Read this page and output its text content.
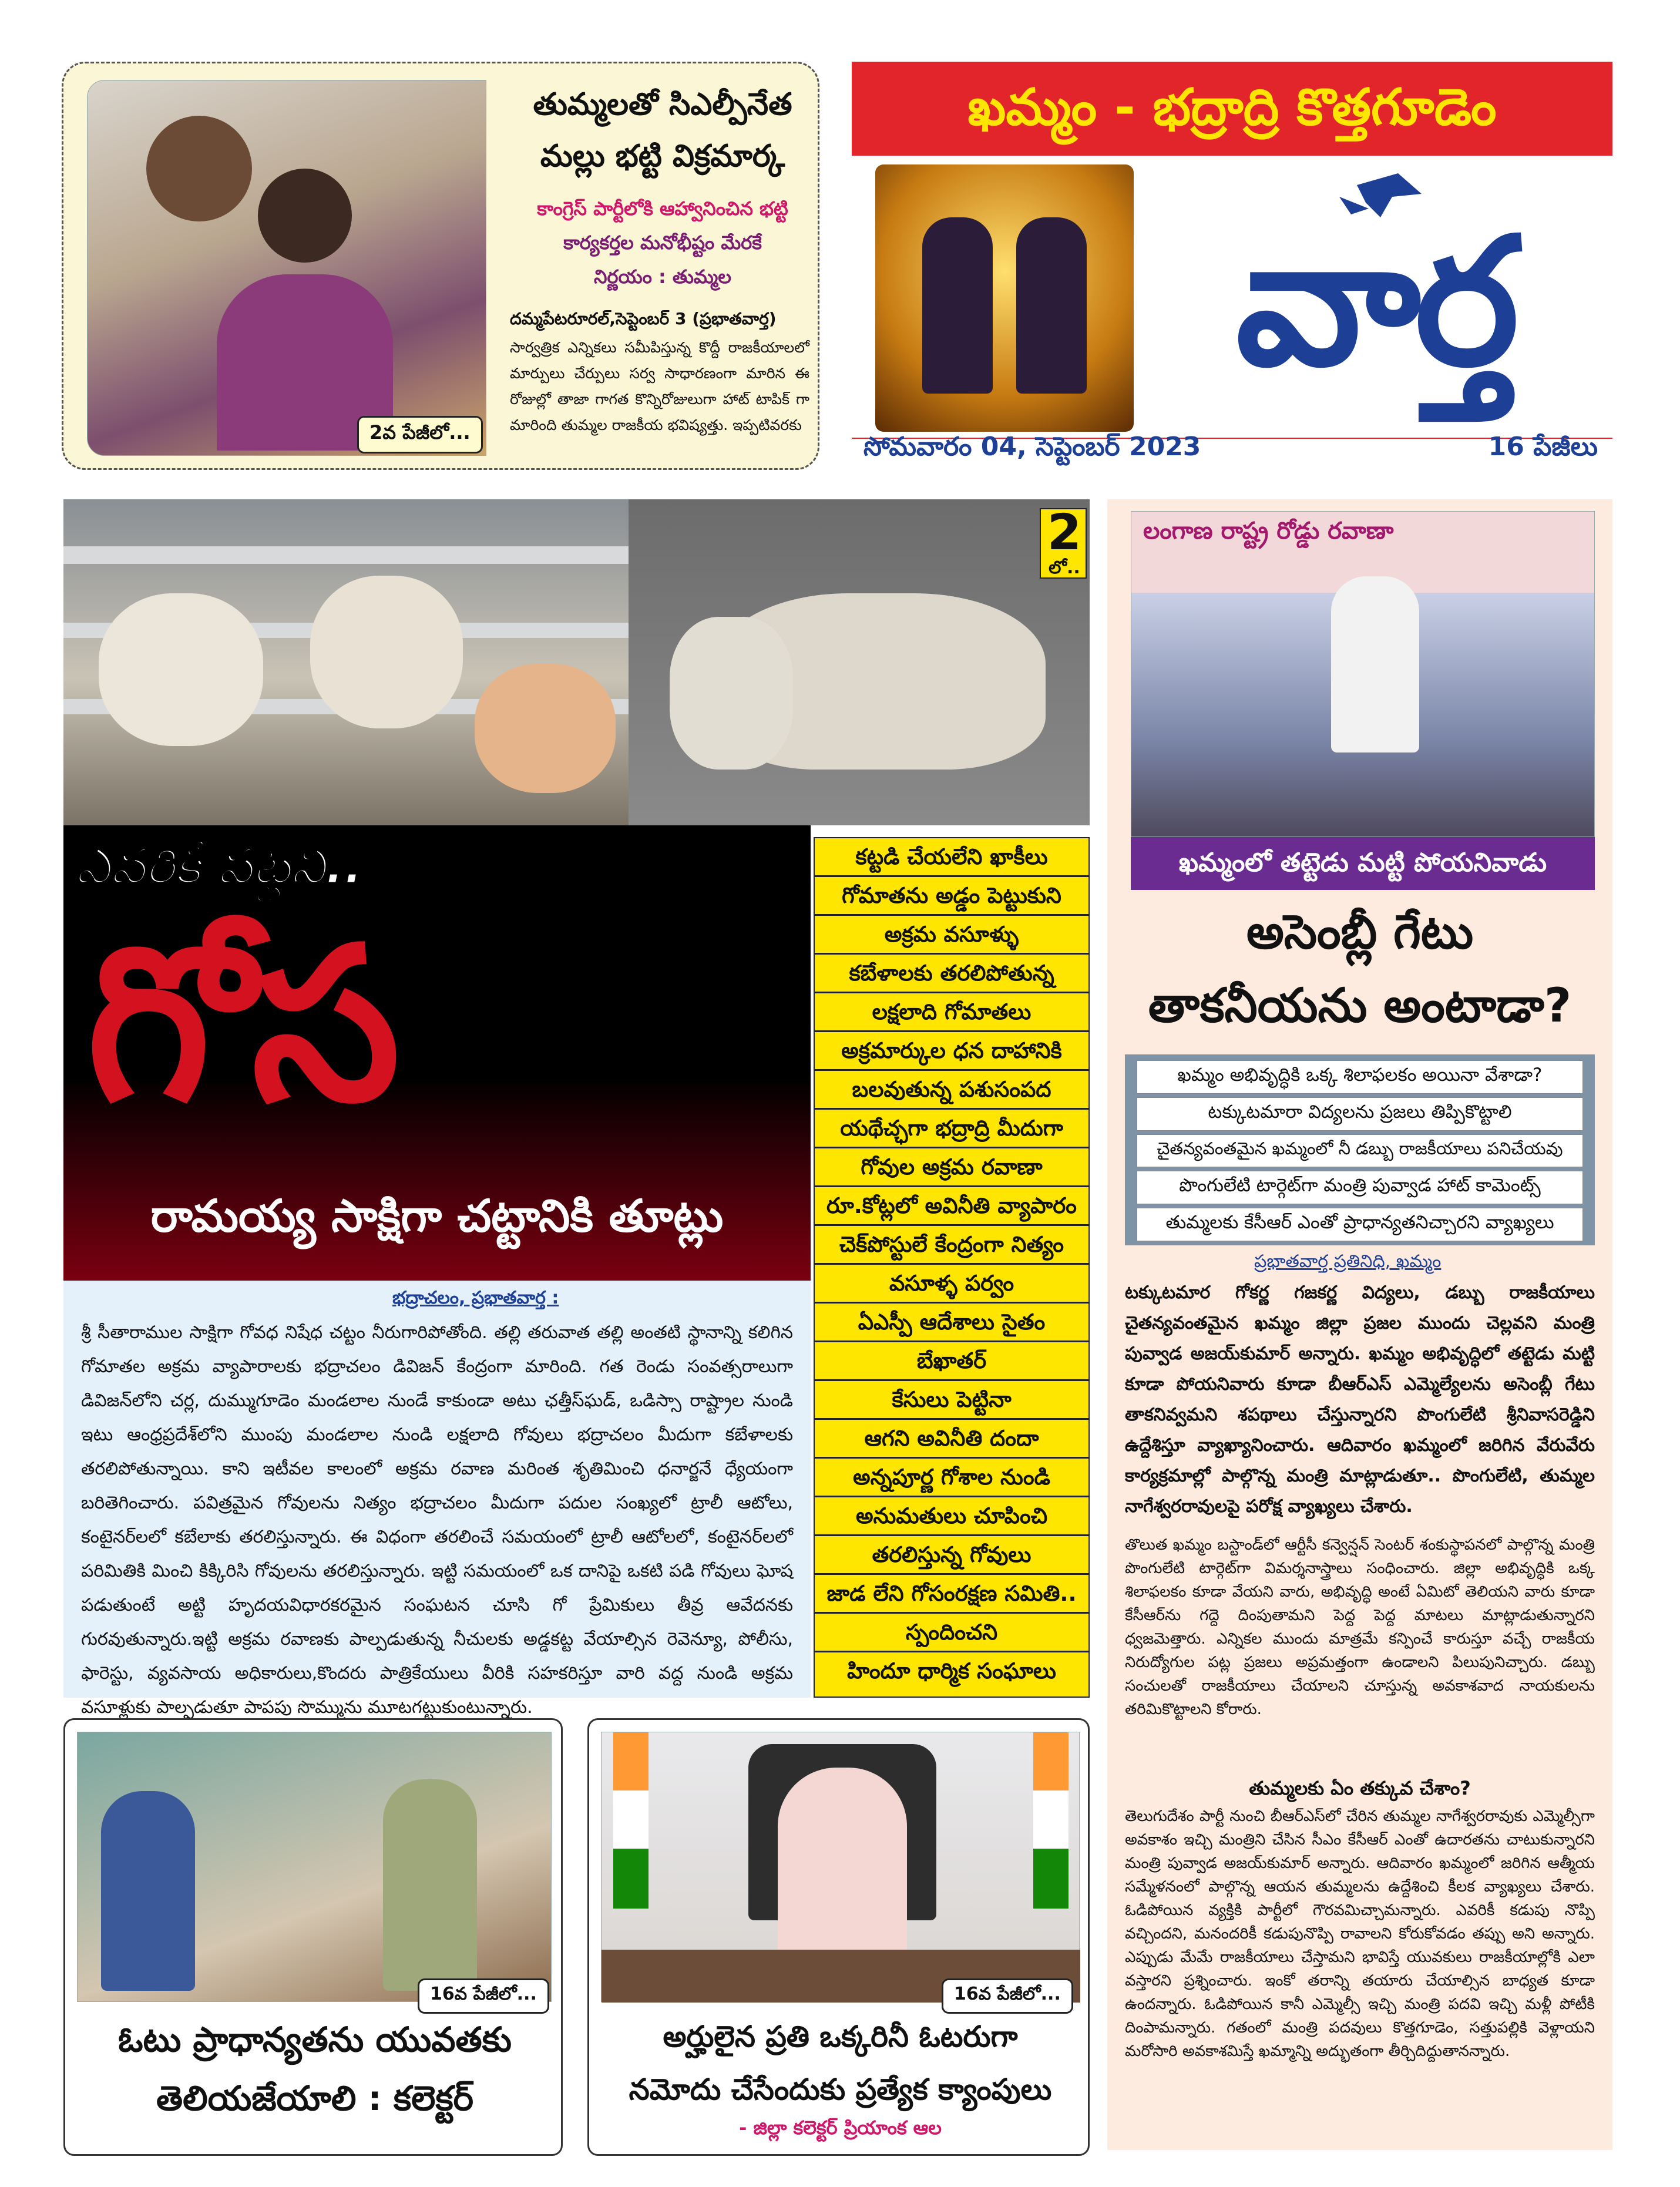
2వ పేజీలో...
తుమ్మలతో సిఎల్పీనేత
మల్లు భట్టి విక్రమార్క
కాంగ్రెస్ పార్టీలోకి ఆహ్వానించిన భట్టి
కార్యకర్తల మనోభీష్టం మేరకే
నిర్ణయం : తుమ్మల
దమ్మపేటరూరల్,సెప్టెంబర్ 3 (ప్రభాతవార్త)
సార్వత్రిక ఎన్నికలు సమీపిస్తున్న కొద్దీ రాజకీయాలలో మార్పులు చేర్పులు సర్వ సాధారణంగా మారిన ఈ రోజుల్లో తాజా గాగత కొన్నిరోజులుగా హాట్ టాపిక్ గా మారింది తుమ్మల రాజకీయ భవిష్యత్తు. ఇప్పటివరకు
ఖమ్మం - భద్రాద్రి కొత్తగూడెం
వార్త
సోమవారం 04, సెప్టెంబర్ 2023	16 పేజీలు
2
లో..
ఎవరికీ పట్టని..
గోస
రామయ్య సాక్షిగా చట్టానికి తూట్లు
కట్టడి చేయలేని ఖాకీలు
గోమాతను అడ్డం పెట్టుకుని
అక్రమ వసూళ్ళు
కబేళాలకు తరలిపోతున్న
లక్షలాది గోమాతలు
అక్రమార్కుల ధన దాహానికి
బలవుతున్న పశుసంపద
యథేచ్ఛగా భద్రాద్రి మీదుగా
గోవుల అక్రమ రవాణా
రూ.కోట్లలో అవినీతి వ్యాపారం
చెక్‌పోస్టులే కేంద్రంగా నిత్యం
వసూళ్ళ పర్వం
ఏఎస్పీ ఆదేశాలు సైతం
బేఖాతర్
కేసులు పెట్టినా
ఆగని అవినీతి దందా
అన్నపూర్ణ గోశాల నుండి
అనుమతులు చూపించి
తరలిస్తున్న గోవులు
జాడ లేని గోసంరక్షణ సమితి..
స్పందించని
హిందూ ధార్మిక సంఘాలు
భద్రాచలం, ప్రభాతవార్త :
శ్రీ సీతారాముల సాక్షిగా గోవధ నిషేధ చట్టం నీరుగారిపోతోంది. తల్లి తరువాత తల్లి అంతటి స్థానాన్ని కలిగిన గోమాతల అక్రమ వ్యాపారాలకు భద్రాచలం డివిజన్ కేంద్రంగా మారింది. గత రెండు సంవత్సరాలుగా డివిజన్‌లోని చర్ల, దుమ్ముగూడెం మండలాల నుండే కాకుండా అటు ఛత్తీస్‌ఘడ్, ఒడిస్సా రాష్ట్రాల నుండి ఇటు ఆంధ్రప్రదేశ్‌లోని ముంపు మండలాల నుండి లక్షలాది గోవులు భద్రాచలం మీదుగా కబేళాలకు తరలిపోతున్నాయి. కాని ఇటీవల కాలంలో అక్రమ రవాణ మరింత శృతిమించి ధనార్జనే ధ్యేయంగా బరితెగించారు. పవిత్రమైన గోవులను నిత్యం భద్రాచలం మీదుగా పదుల సంఖ్యలో ట్రాలీ ఆటోలు, కంటైనర్‌లలో కబేలాకు తరలిస్తున్నారు. ఈ విధంగా తరలించే సమయంలో ట్రాలీ ఆటోలలో, కంటైనర్‌లలో పరిమితికి మించి కిక్కిరిసి గోవులను తరలిస్తున్నారు. ఇట్టి సమయంలో ఒక దానిపై ఒకటి పడి గోవులు ఘోష పడుతుంటే అట్టి హృదయవిధారకరమైన సంఘటన చూసి గో ప్రేమికులు తీవ్ర ఆవేదనకు గురవుతున్నారు.ఇట్టి అక్రమ రవాణకు పాల్పడుతున్న నీచులకు అడ్డకట్ట వేయాల్సిన రెవెన్యూ, పోలీసు, ఫారెస్టు, వ్యవసాయ అధికారులు,కొందరు పాత్రికేయులు వీరికి సహకరిస్తూ వారి వద్ద నుండి అక్రమ వసూళ్లుకు పాల్పడుతూ పాపపు సొమ్మును మూటగట్టుకుంటున్నారు.
లంగాణ రాష్ట్ర రోడ్డు రవాణా
ఖమ్మంలో తట్టెడు మట్టి పోయనివాడు
అసెంబ్లీ గేటు
తాకనీయను అంటాడా?
ఖమ్మం అభివృద్ధికి ఒక్క శిలాఫలకం అయినా వేశాడా?
టక్కుటమారా విద్యలను ప్రజలు తిప్పికొట్టాలి
చైతన్యవంతమైన ఖమ్మంలో నీ డబ్బు రాజకీయాలు పనిచేయవు
పొంగులేటి టార్గెట్‌గా మంత్రి పువ్వాడ హాట్ కామెంట్స్
తుమ్మలకు కేసీఆర్ ఎంతో ప్రాధాన్యతనిచ్చారని వ్యాఖ్యలు
ప్రభాతవార్త ప్రతినిధి, ఖమ్మం
టక్కుటమార గోకర్ణ గజకర్ణ విద్యలు, డబ్బు రాజకీయాలు చైతన్యవంతమైన ఖమ్మం జిల్లా ప్రజల ముందు చెల్లవని మంత్రి పువ్వాడ అజయ్‌కుమార్ అన్నారు. ఖమ్మం అభివృద్ధిలో తట్టెడు మట్టి కూడా పోయనివారు కూడా బీఆర్‌ఎస్ ఎమ్మెల్యేలను అసెంబ్లీ గేటు తాకనివ్వమని శపథాలు చేస్తున్నారని పొంగులేటి శ్రీనివాసరెడ్డిని ఉద్దేశిస్తూ వ్యాఖ్యానించారు. ఆదివారం ఖమ్మంలో జరిగిన వేరువేరు కార్యక్రమాల్లో పాల్గొన్న మంత్రి మాట్లాడుతూ.. పొంగులేటి, తుమ్మల నాగేశ్వరరావులపై పరోక్ష వ్యాఖ్యలు చేశారు.
తొలుత ఖమ్మం బస్టాండ్‌లో ఆర్టీసీ కన్వెన్షన్ సెంటర్ శంకుస్థాపనలో పాల్గొన్న మంత్రి పొంగులేటి టార్గెట్‌గా విమర్శనాస్త్రాలు సంధించారు. జిల్లా అభివృద్ధికి ఒక్క శిలాఫలకం కూడా వేయని వారు, అభివృద్ధి అంటే ఏమిటో తెలియని వారు కూడా కేసీఆర్‌ను గద్దె దింపుతామని పెద్ద పెద్ద మాటలు మాట్లాడుతున్నారని ధ్వజమెత్తారు. ఎన్నికల ముందు మాత్రమే కన్పించే కారుస్తూ వచ్చే రాజకీయ నిరుద్యోగుల పట్ల ప్రజలు అప్రమత్తంగా ఉండాలని పిలుపునిచ్చారు. డబ్బు సంచులతో రాజకీయాలు చేయాలని చూస్తున్న అవకాశవాద నాయకులను తరిమికొట్టాలని కోరారు.
తుమ్మలకు ఏం తక్కువ చేశాం?
తెలుగుదేశం పార్టీ నుంచి బీఆర్‌ఎస్‌లో చేరిన తుమ్మల నాగేశ్వరరావుకు ఎమ్మెల్సీగా అవకాశం ఇచ్చి మంత్రిని చేసిన సీఎం కేసీఆర్ ఎంతో ఉదారతను చాటుకున్నారని మంత్రి పువ్వాడ అజయ్‌కుమార్ అన్నారు. ఆదివారం ఖమ్మంలో జరిగిన ఆత్మీయ సమ్మేళనంలో పాల్గొన్న ఆయన తుమ్మలను ఉద్దేశించి కీలక వ్యాఖ్యలు చేశారు. ఓడిపోయిన వ్యక్తికి పార్టీలో గౌరవమిచ్చామన్నారు. ఎవరికీ కడుపు నొప్పి వచ్చిందని, మనందరికీ కడుపునొప్పి రావాలని కోరుకోవడం తప్పు అని అన్నారు. ఎప్పుడు మేమే రాజకీయాలు చేస్తామని భావిస్తే యువకులు రాజకీయాల్లోకి ఎలా వస్తారని ప్రశ్నించారు. ఇంకో తరాన్ని తయారు చేయాల్సిన బాధ్యత కూడా ఉందన్నారు. ఓడిపోయిన కానీ ఎమ్మెల్సీ ఇచ్చి మంత్రి పదవి ఇచ్చి మళ్లీ పోటీకి దింపామన్నారు. గతంలో మంత్రి పదవులు కొత్తగూడెం, సత్తుపల్లికి వెళ్లాయని మరోసారి అవకాశమిస్తే ఖమ్మాన్ని అద్భుతంగా తీర్చిదిద్దుతానన్నారు.
16వ పేజీలో...
ఓటు ప్రాధాన్యతను యువతకు
తెలియజేయాలి : కలెక్టర్
16వ పేజీలో...
అర్హులైన ప్రతి ఒక్కరినీ ఓటరుగా
నమోదు చేసేందుకు ప్రత్యేక క్యాంపులు
- జిల్లా కలెక్టర్ ప్రియాంక ఆల
